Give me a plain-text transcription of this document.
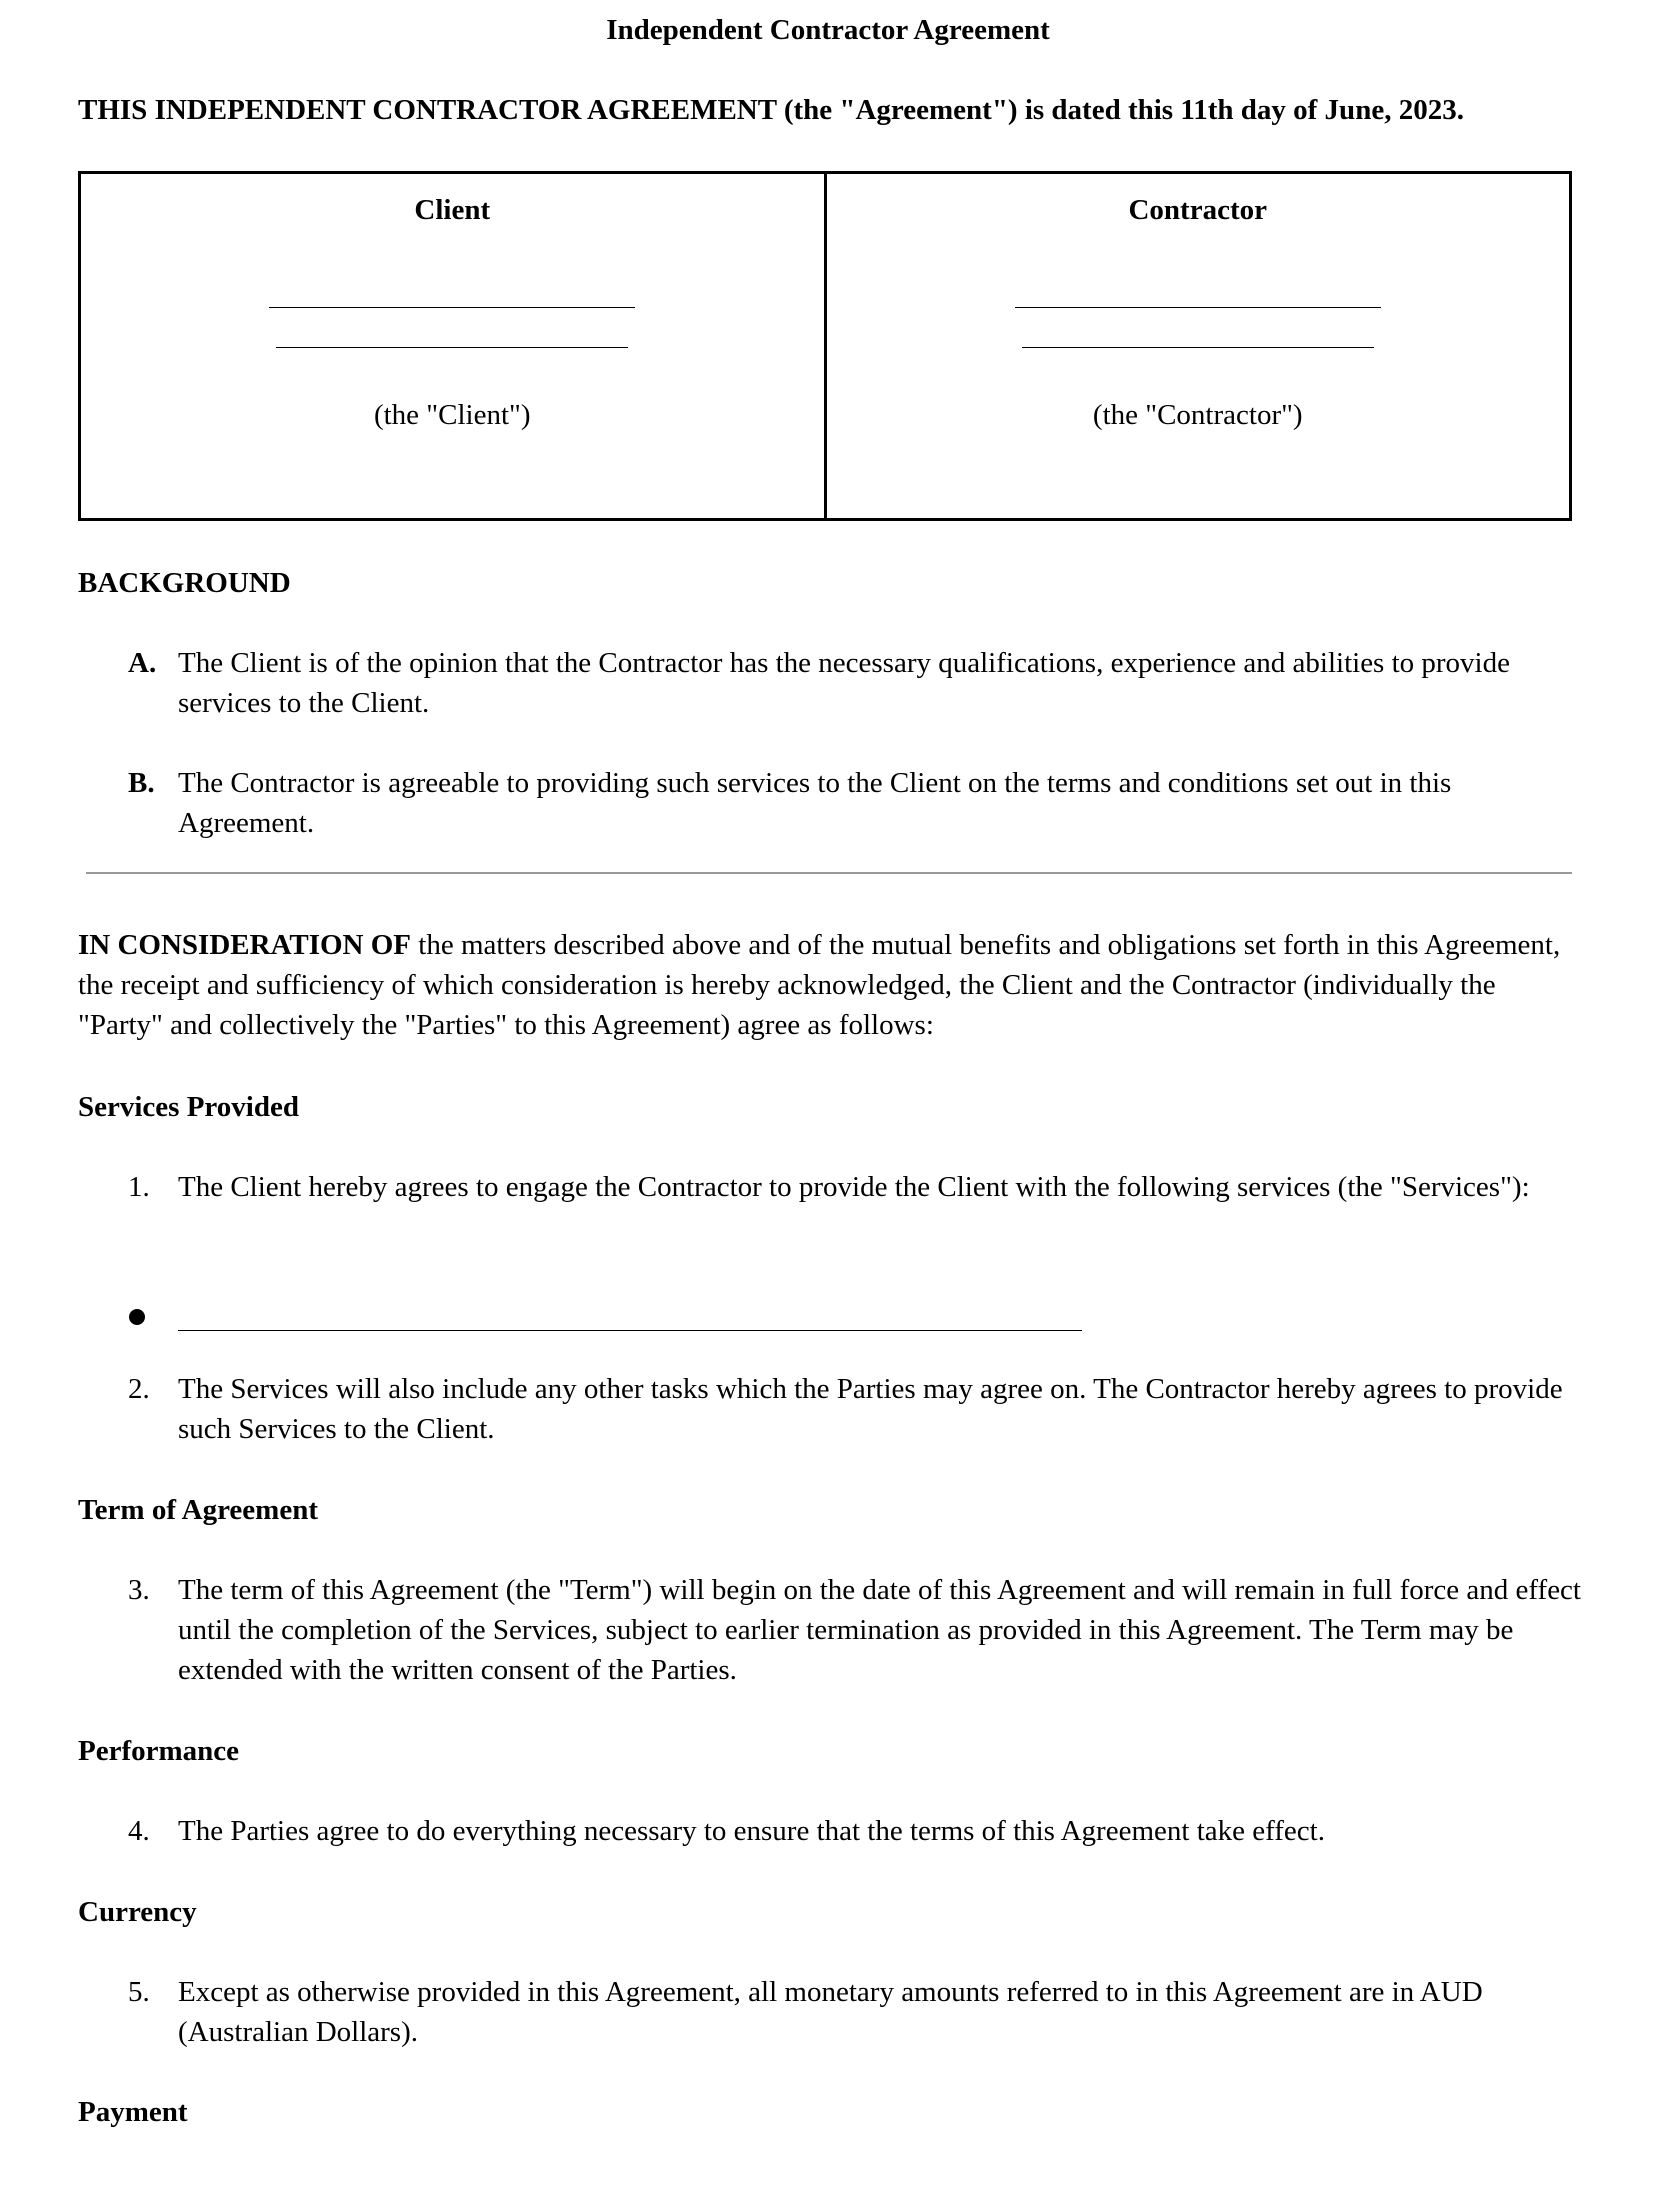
Independent Contractor Agreement
THIS INDEPENDENT CONTRACTOR AGREEMENT (the "Agreement") is dated this 11th day of June, 2023.
Client
(the "Client")
Contractor
(the "Contractor")
BACKGROUND
A. The Client is of the opinion that the Contractor has the necessary qualifications, experience and abilities to provide services to the Client.
B. The Contractor is agreeable to providing such services to the Client on the terms and conditions set out in this Agreement.
IN CONSIDERATION OF the matters described above and of the mutual benefits and obligations set forth in this Agreement, the receipt and sufficiency of which consideration is hereby acknowledged, the Client and the Contractor (individually the "Party" and collectively the "Parties" to this Agreement) agree as follows:
Services Provided
1. The Client hereby agrees to engage the Contractor to provide the Client with the following services (the "Services"):
2. The Services will also include any other tasks which the Parties may agree on. The Contractor hereby agrees to provide such Services to the Client.
Term of Agreement
3. The term of this Agreement (the "Term") will begin on the date of this Agreement and will remain in full force and effect until the completion of the Services, subject to earlier termination as provided in this Agreement. The Term may be extended with the written consent of the Parties.
Performance
4. The Parties agree to do everything necessary to ensure that the terms of this Agreement take effect.
Currency
5. Except as otherwise provided in this Agreement, all monetary amounts referred to in this Agreement are in AUD (Australian Dollars).
Payment
